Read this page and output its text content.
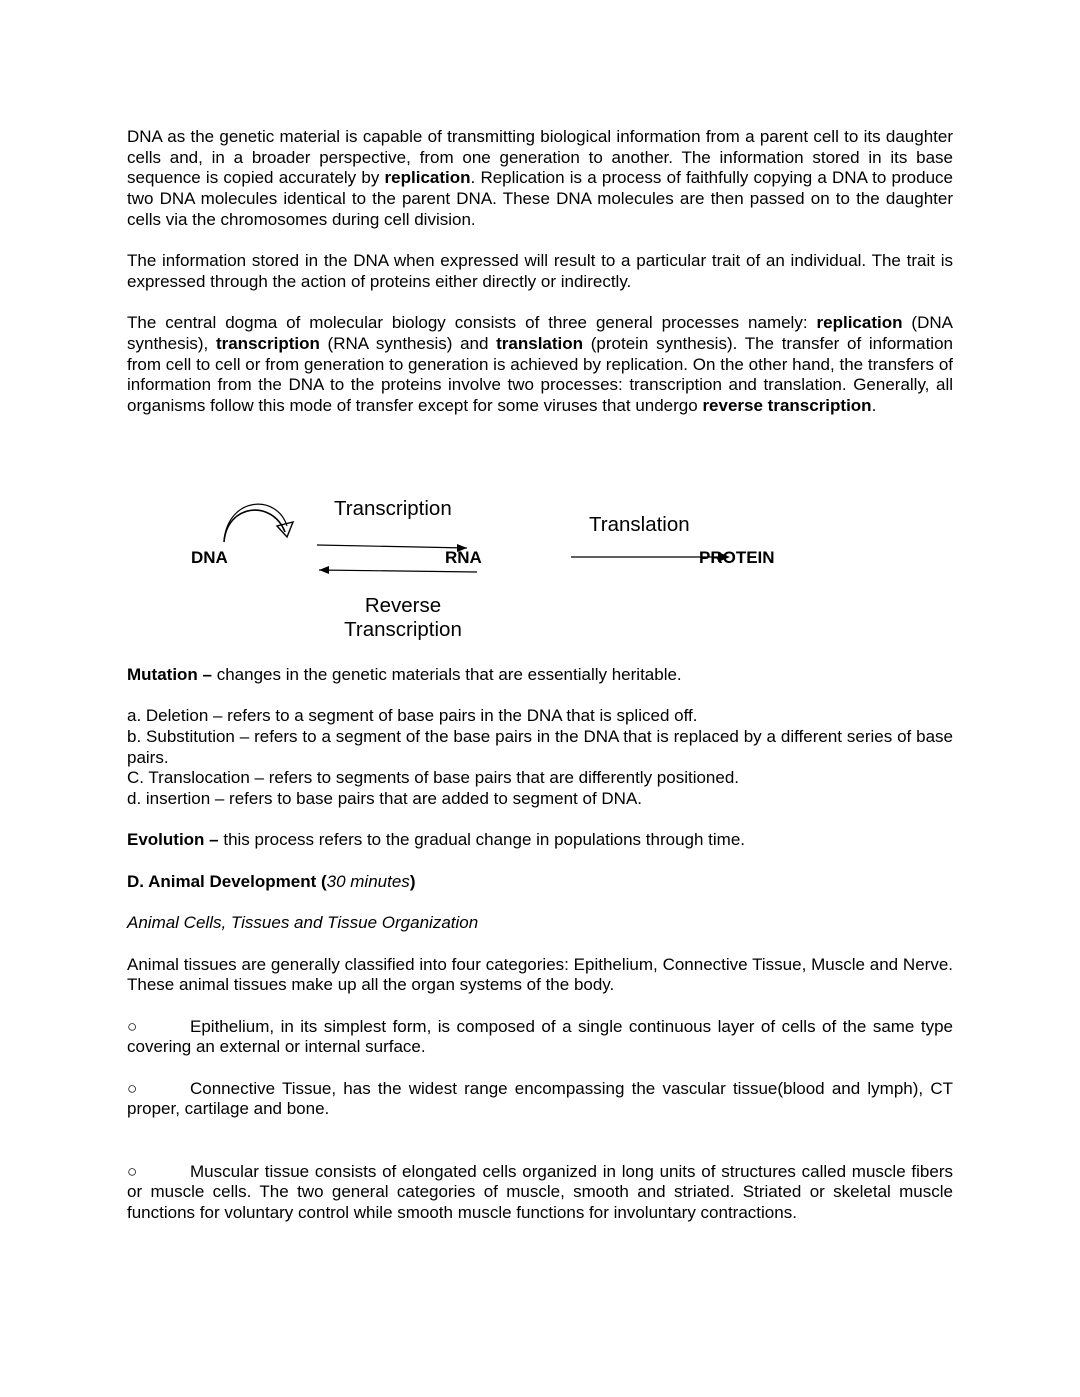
DNA as the genetic material is capable of transmitting biological information from a parent cell to its daughter cells and, in a broader perspective, from one generation to another. The information stored in its base sequence is copied accurately by replication. Replication is a process of faithfully copying a DNA to produce two DNA molecules identical to the parent DNA. These DNA molecules are then passed on to the daughter cells via the chromosomes during cell division.

The information stored in the DNA when expressed will result to a particular trait of an individual. The trait is expressed through the action of proteins either directly or indirectly.

The central dogma of molecular biology consists of three general processes namely: replication (DNA synthesis), transcription (RNA synthesis) and translation (protein synthesis). The transfer of information from cell to cell or from generation to generation is achieved by replication. On the other hand, the transfers of information from the DNA to the proteins involve two processes: transcription and translation. Generally, all organisms follow this mode of transfer except for some viruses that undergo reverse transcription.

DNA	RNA	PROTEIN
Transcription
Translation
Reverse
Transcription

Mutation – changes in the genetic materials that are essentially heritable.

a. Deletion – refers to a segment of base pairs in the DNA that is spliced off.

b. Substitution – refers to a segment of the base pairs in the DNA that is replaced by a different series of base pairs.

C. Translocation – refers to segments of base pairs that are differently positioned.

d. insertion – refers to base pairs that are added to segment of DNA.

Evolution – this process refers to the gradual change in populations through time.

D. Animal Development (30 minutes)

Animal Cells, Tissues and Tissue Organization

Animal tissues are generally classified into four categories: Epithelium, Connective Tissue, Muscle and Nerve. These animal tissues make up all the organ systems of the body.

○	Epithelium, in its simplest form, is composed of a single continuous layer of cells of the same type covering an external or internal surface.

○	Connective Tissue, has the widest range encompassing the vascular tissue(blood and lymph), CT proper, cartilage and bone.

○	Muscular tissue consists of elongated cells organized in long units of structures called muscle fibers or muscle cells. The two general categories of muscle, smooth and striated. Striated or skeletal muscle functions for voluntary control while smooth muscle functions for involuntary contractions.
